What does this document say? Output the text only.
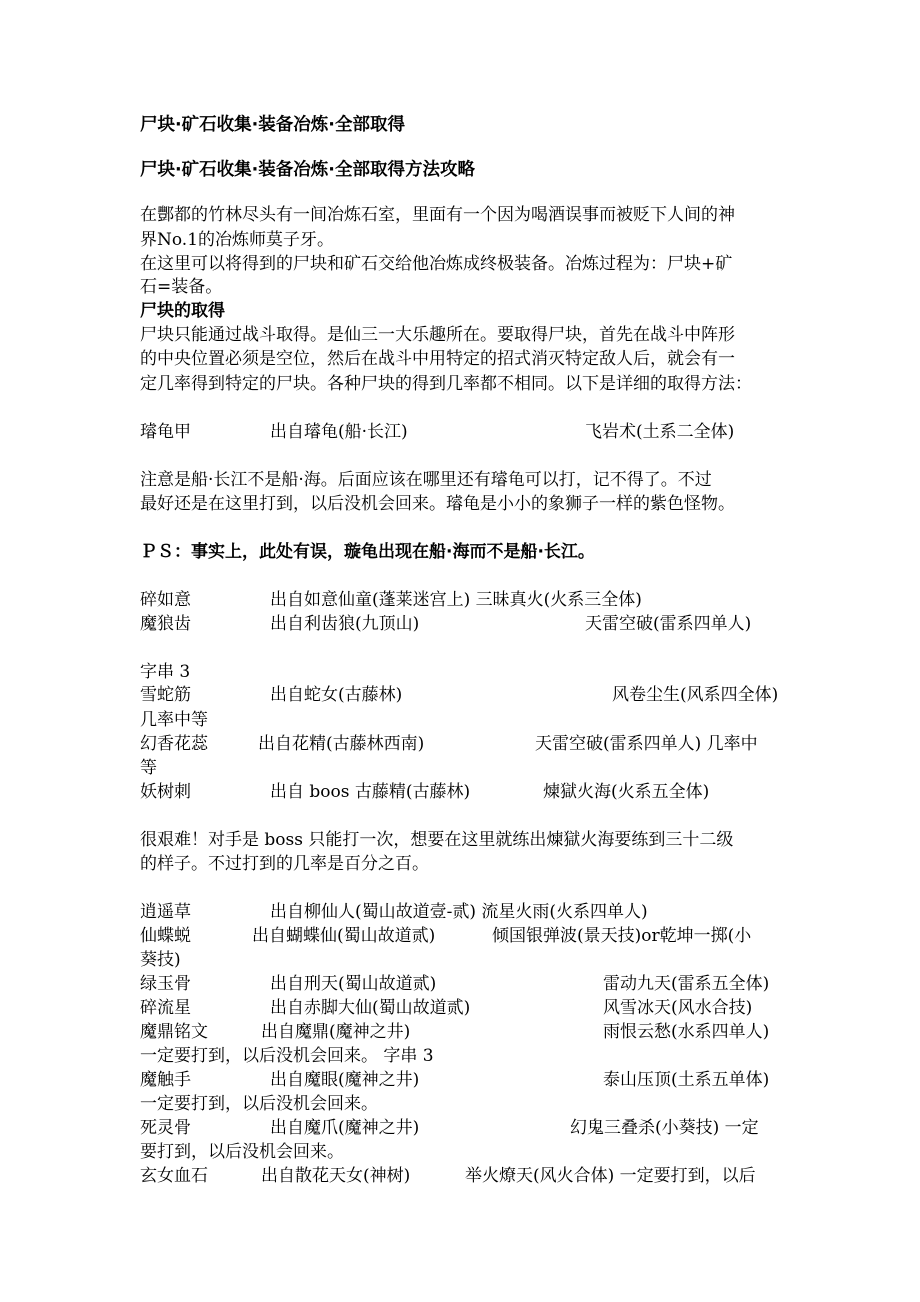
尸块·矿石收集·装备冶炼·全部取得
尸块·矿石收集·装备冶炼·全部取得方法攻略
在酆都的竹林尽头有一间冶炼石室，里面有一个因为喝酒误事而被贬下人间的神
界No.1的冶炼师莫子牙。
在这里可以将得到的尸块和矿石交给他冶炼成终极装备。冶炼过程为：尸块+矿
石=装备。
尸块的取得
尸块只能通过战斗取得。是仙三一大乐趣所在。要取得尸块，首先在战斗中阵形
的中央位置必须是空位，然后在战斗中用特定的招式消灭特定敌人后，就会有一
定几率得到特定的尸块。各种尸块的得到几率都不相同。以下是详细的取得方法：
璿龟甲	出自璿龟(船·长江)	飞岩术(土系二全体)
注意是船·长江不是船·海。后面应该在哪里还有璿龟可以打，记不得了。不过
最好还是在这里打到，以后没机会回来。璿龟是小小的象狮子一样的紫色怪物。
ＰＳ：事实上，此处有误，璇龟出现在船·海而不是船·长江。
碎如意	出自如意仙童(蓬莱迷宫上) 三昧真火(火系三全体)
魔狼齿	出自利齿狼(九顶山)	天雷空破(雷系四单人)
字串 3
雪蛇筋	出自蛇女(古藤林)	风卷尘生(风系四全体)
几率中等
幻香花蕊	出自花精(古藤林西南)	天雷空破(雷系四单人) 几率中
等
妖树刺	出自 boos 古藤精(古藤林)	煉獄火海(火系五全体)
很艰难！对手是 boss 只能打一次，想要在这里就练出煉獄火海要练到三十二级
的样子。不过打到的几率是百分之百。
逍遥草	出自柳仙人(蜀山故道壹-贰) 流星火雨(火系四单人)
仙蝶蜕	出自蝴蝶仙(蜀山故道贰)	倾国银弹波(景天技)or乾坤一掷(小
葵技)
绿玉骨	出自刑天(蜀山故道贰)	雷动九天(雷系五全体)
碎流星	出自赤脚大仙(蜀山故道贰)	风雪冰天(风水合技)
魔鼎铭文	出自魔鼎(魔神之井)	雨恨云愁(水系四单人)
一定要打到，以后没机会回来。 字串 3
魔触手	出自魔眼(魔神之井)	泰山压顶(土系五单体)
一定要打到，以后没机会回来。
死灵骨	出自魔爪(魔神之井)	幻鬼三叠杀(小葵技) 一定
要打到，以后没机会回来。
玄女血石	出自散花天女(神树)	举火燎天(风火合体) 一定要打到，以后
